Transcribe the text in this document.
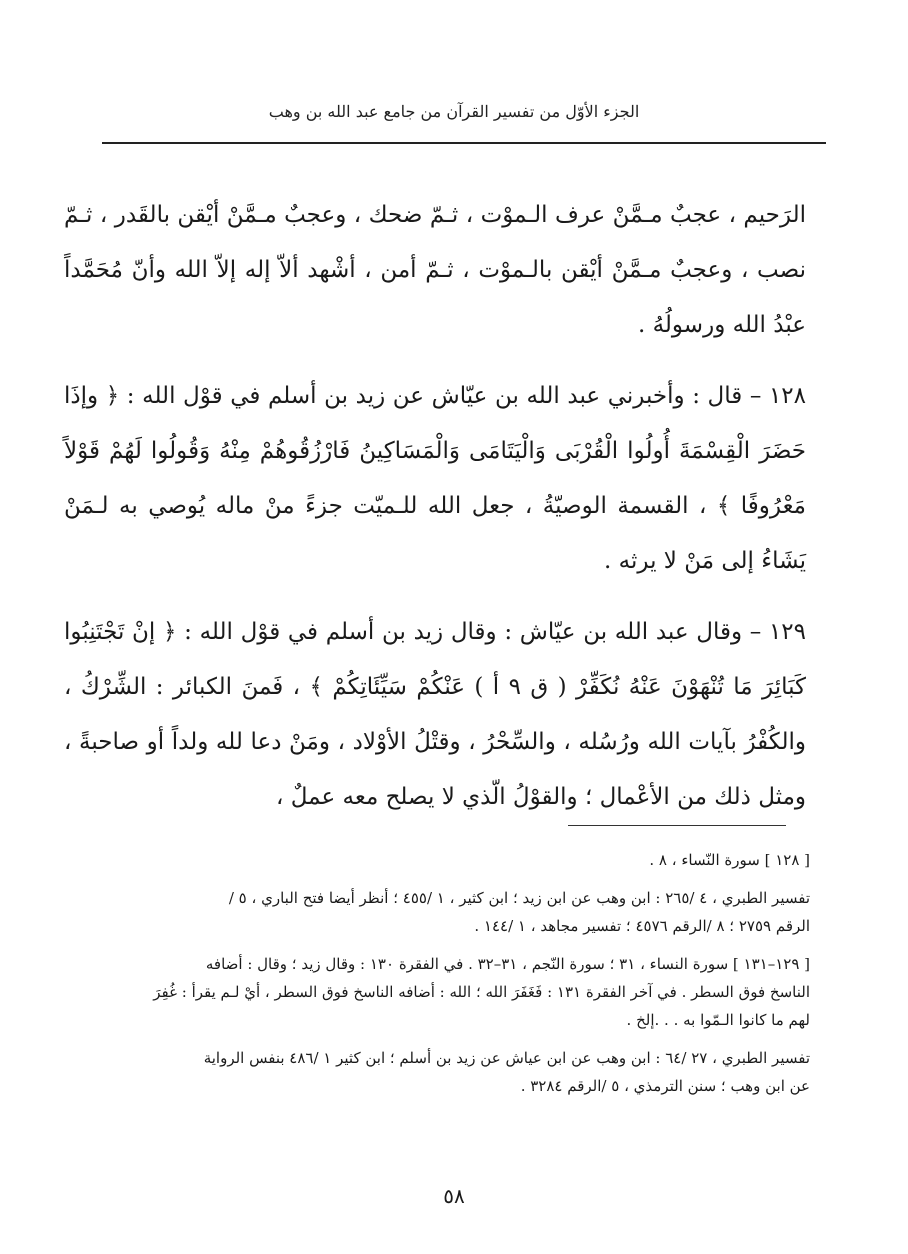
الجزء الأوّل من تفسير القرآن من جامع عبد الله بن وهب

الرَحيم ، عجبٌ مـمَّنْ عرف الـموْت ، ثـمّ ضحك ، وعجبٌ مـمَّنْ أيْقن بالقَدر ، ثـمّ نصب ، وعجبٌ مـمَّنْ أيْقن بالـموْت ، ثـمّ أمن ، أشْهد ألاّ إله إلاّ الله وأنّ مُحَمَّداً عبْدُ الله ورسولُهُ .

١٢٨ – قال : وأخبرني عبد الله بن عيّاش عن زيد بن أسلم في قوْل الله : ﴿ وإذَا حَضَرَ الْقِسْمَةَ أُولُوا الْقُرْبَى وَالْيَتَامَى وَالْمَسَاكِينُ فَارْزُقُوهُمْ مِنْهُ وَقُولُوا لَهُمْ قَوْلاً مَعْرُوفًا ﴾ ، القسمة الوصيّةُ ، جعل الله للـميّت جزءً منْ ماله يُوصي به لـمَنْ يَشَاءُ إلى مَنْ لا يرثه .

١٢٩ – وقال عبد الله بن عيّاش : وقال زيد بن أسلم في قوْل الله : ﴿ إنْ تَجْتَنِبُوا كَبَائِرَ مَا تُنْهَوْنَ عَنْهُ نُكَفِّرْ ( ق ٩ أ ) عَنْكُمْ سَيِّئَاتِكُمْ ﴾ ، فَمنَ الكبائر : الشِّرْكُ ، والكُفْرُ بآيات الله ورُسُله ، والسِّحْرُ ، وقتْلُ الأوْلاد ، ومَنْ دعا لله ولداً أو صاحبةً ، ومثل ذلك من الأعْمال ؛ والقوْلُ الّذي لا يصلح معه عملٌ ،

[ ١٢٨ ] سورة النّساء ، ٨ .
تفسير الطبري ، ٤ /٢٦٥ : ابن وهب عن ابن زيد ؛ ابن كثير ، ١ /٤٥٥ ؛ أنظر أيضا فتح الباري ، ٥ /
الرقم ٢٧٥٩ ؛ ٨ /الرقم ٤٥٧٦ ؛ تفسير مجاهد ، ١ /١٤٤ .
[ ١٢٩–١٣١ ] سورة النساء ، ٣١ ؛ سورة النّجم ، ٣١–٣٢ . في الفقرة ١٣٠ : وقال زيد ؛ وقال : أضافه
الناسخ فوق السطر . في آخر الفقرة ١٣١ : فَغَفَرَ الله ؛ الله : أضافه الناسخ فوق السطر ، أيْ لـم يقرأ : غُفِرَ
لهم ما كانوا الـمّوا به . . .إلخ .
تفسير الطبري ، ٢٧ /٦٤ : ابن وهب عن ابن عياش عن زيد بن أسلم ؛ ابن كثير ١ /٤٨٦ بنفس الرواية
عن ابن وهب ؛ سنن الترمذي ، ٥ /الرقم ٣٢٨٤ .
٥٨
